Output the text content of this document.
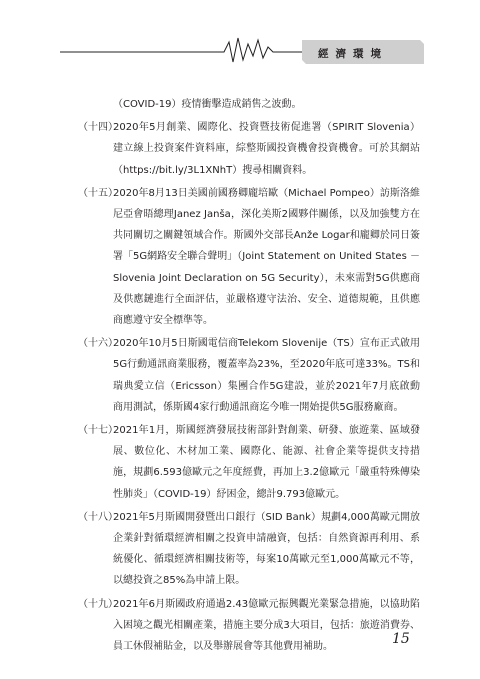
經濟環境
（COVID-19）疫情衝擊造成銷售之波動。
（十四）
2020年5月創業、國際化、投資暨技術促進署（SPIRIT Slovenia）建立線上投資案件資料庫，綜整斯國投資機會投資機會。可於其網站（https://bit.ly/3L1XNhT）搜尋相關資料。
（十五）
2020年8月13日美國前國務卿龐培歐（Michael Pompeo）訪斯洛維尼亞會晤總理Janez Janša，深化美斯2國夥伴關係，以及加強雙方在共同關切之關鍵領域合作。斯國外交部長Anže Logar和龐卿於同日簽署「5G網路安全聯合聲明」（Joint Statement on United States － Slovenia Joint Declaration on 5G Security），未來需對5G供應商及供應鏈進行全面評估，並嚴格遵守法治、安全、道德規範，且供應商應遵守安全標準等。
（十六）
2020年10月5日斯國電信商Telekom Slovenije（TS）宣布正式啟用5G行動通訊商業服務，覆蓋率為23%，至2020年底可達33%。TS和瑞典愛立信（Ericsson）集團合作5G建設，並於2021年7月底啟動商用測試，係斯國4家行動通訊商迄今唯一開始提供5G服務廠商。
（十七）
2021年1月，斯國經濟發展技術部針對創業、研發、旅遊業、區域發展、數位化、木材加工業、國際化、能源、社會企業等提供支持措施，規劃6.593億歐元之年度經費，再加上3.2億歐元「嚴重特殊傳染性肺炎」（COVID-19）紓困金，總計9.793億歐元。
（十八）
2021年5月斯國開發暨出口銀行（SID Bank）規劃4,000萬歐元開放企業針對循環經濟相關之投資申請融資，包括：自然資源再利用、系統優化、循環經濟相關技術等，每案10萬歐元至1,000萬歐元不等，以總投資之85%為申請上限。
（十九）
2021年6月斯國政府通過2.43億歐元振興觀光業緊急措施，以協助陷入困境之觀光相關產業，措施主要分成3大項目，包括：旅遊消費券、員工休假補貼金，以及舉辦展會等其他費用補助。	15
